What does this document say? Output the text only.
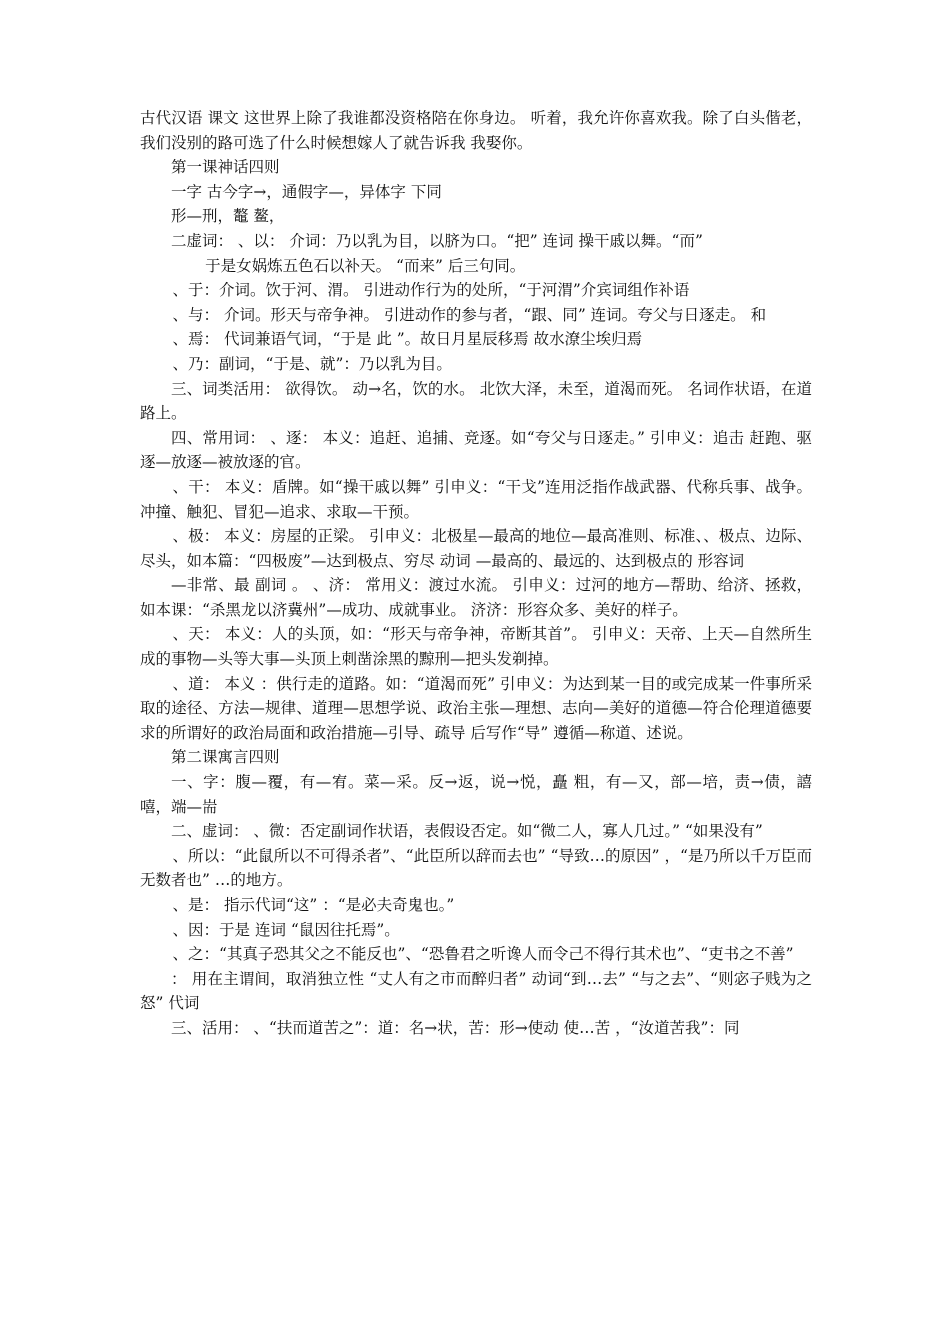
古代汉语 课文 这世界上除了我谁都没资格陪在你身边。 听着，我允许你喜欢我。除了白头偕老，我们没别的路可选了什么时候想嫁人了就告诉我 我娶你。

第一课神话四则

一字 古今字→，通假字—，异体字 下同

形—刑，鼇 鳌，

二虚词： 、以： 介词：乃以乳为目，以脐为口。“把” 连词 操干戚以舞。“而”

于是女娲炼五色石以补天。 “而来” 后三句同。

、于：介词。饮于河、渭。 引进动作行为的处所，“于河渭”介宾词组作补语

、与： 介词。形天与帝争神。 引进动作的参与者，“跟、同” 连词。夸父与日逐走。 和

、焉： 代词兼语气词，“于是 此 ”。故日月星辰移焉 故水潦尘埃归焉

、乃：副词，“于是、就”：乃以乳为目。

三、词类活用： 欲得饮。 动→名，饮的水。 北饮大泽，未至，道渴而死。 名词作状语，在道路上。

四、常用词： 、逐： 本义：追赶、追捕、竞逐。如“夸父与日逐走。” 引申义：追击 赶跑、驱逐—放逐—被放逐的官。

、干： 本义：盾牌。如“操干戚以舞” 引申义：“干戈”连用泛指作战武器、代称兵事、战争。 冲撞、触犯、冒犯—追求、求取—干预。

、极： 本义：房屋的正梁。 引申义：北极星—最高的地位—最高准则、标准、、极点、边际、尽头，如本篇：“四极废”—达到极点、穷尽 动词 —最高的、最远的、达到极点的 形容词

—非常、最 副词 。 、济： 常用义：渡过水流。 引申义：过河的地方—帮助、给济、拯救，如本课：“杀黑龙以济冀州”—成功、成就事业。 济济：形容众多、美好的样子。

、天： 本义：人的头顶，如：“形天与帝争神，帝断其首”。 引申义：天帝、上天—自然所生成的事物—头等大事—头顶上刺凿涂黑的黥刑—把头发剃掉。

、道： 本义 ：供行走的道路。如：“道渴而死” 引申义：为达到某一目的或完成某一件事所采取的途径、方法—规律、道理—思想学说、政治主张—理想、志向—美好的道德—符合伦理道德要求的所谓好的政治局面和政治措施—引导、疏导 后写作“导” 遵循—称道、述说。

第二课寓言四则

一、字：腹—覆，有—宥。菜—采。反→返，说→悦，矗 粗，有—又，部—培，责→债，譆 嘻，端—耑

二、虚词： 、微：否定副词作状语，表假设否定。如“微二人，寡人几过。” “如果没有”

、所以：“此鼠所以不可得杀者”、“此臣所以辞而去也” “导致…的原因” ，“是乃所以千万臣而无数者也” …的地方。

、是： 指示代词“这” ：“是必夫奇鬼也。”

、因：于是 连词 “鼠因往托焉”。

、之：“其真子恐其父之不能反也”、“恐鲁君之听谗人而令己不得行其术也”、“吏书之不善”

： 用在主谓间，取消独立性 “丈人有之市而醉归者” 动词“到…去” “与之去”、“则宓子贱为之怒” 代词

三、活用： 、“扶而道苦之”：道：名→状，苦：形→使动 使…苦 ，“汝道苦我”：同
